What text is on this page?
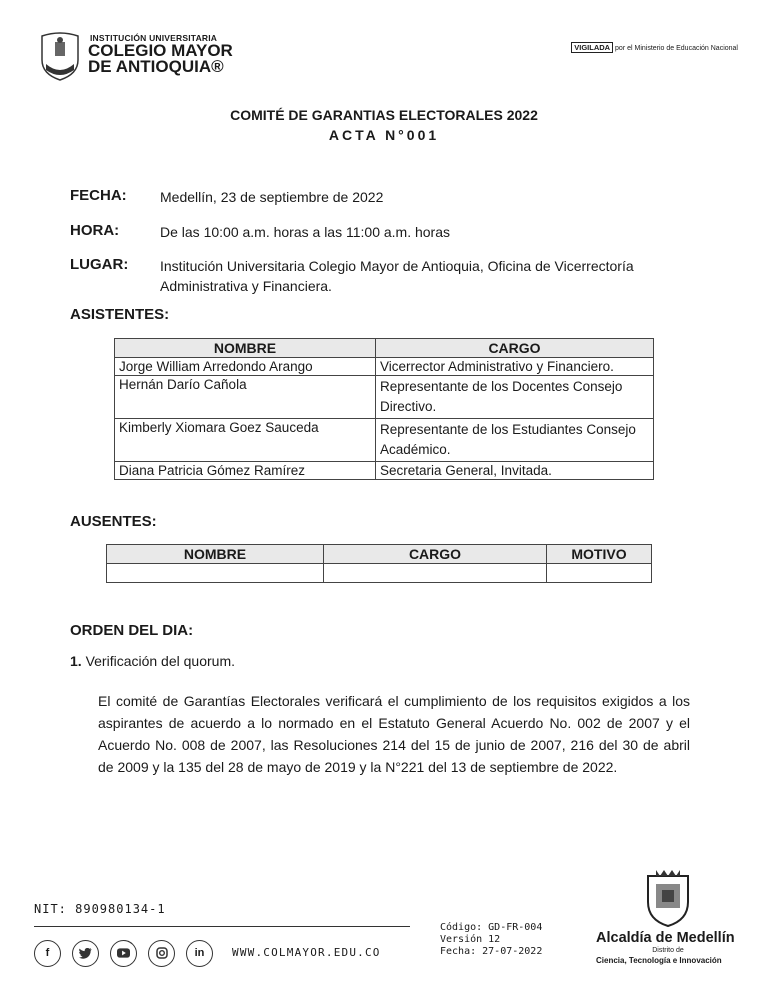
INSTITUCIÓN UNIVERSITARIA
COLEGIO MAYOR
DE ANTIOQUIA®
VIGILADA por el Ministerio de Educación Nacional
COMITÉ DE GARANTIAS ELECTORALES 2022
ACTA N°001
FECHA: Medellín, 23 de septiembre de 2022
HORA:	De las 10:00 a.m. horas a las 11:00 a.m. horas
LUGAR: Institución Universitaria Colegio Mayor de Antioquia, Oficina de Vicerrectoría
Administrativa y Financiera.
ASISTENTES:
NOMBRE	CARGO
Jorge William Arredondo Arango	Vicerrector Administrativo y Financiero.
Hernán Darío Cañola	Representante de los Docentes Consejo Directivo.
Kimberly Xiomara Goez Sauceda	Representante de los Estudiantes Consejo Académico.
Diana Patricia Gómez Ramírez	Secretaria General, Invitada.
AUSENTES:
NOMBRE	CARGO	MOTIVO

ORDEN DEL DIA:
1. Verificación del quorum.
El comité de Garantías Electorales verificará el cumplimiento de los requisitos exigidos a los aspirantes de acuerdo a lo normado en el Estatuto General Acuerdo No. 002 de 2007 y el Acuerdo No. 008 de 2007, las Resoluciones 214 del 15 de junio de 2007, 216 del 30 de abril de 2009 y la 135 del 28 de mayo de 2019 y la N°221 del 13 de septiembre de 2022.
NIT: 890980134-1
f	in	WWW.COLMAYOR.EDU.CO
Código: GD-FR-004
Versión 12
Fecha: 27-07-2022
Alcaldía de Medellín
Distrito de
Ciencia, Tecnología e Innovación
